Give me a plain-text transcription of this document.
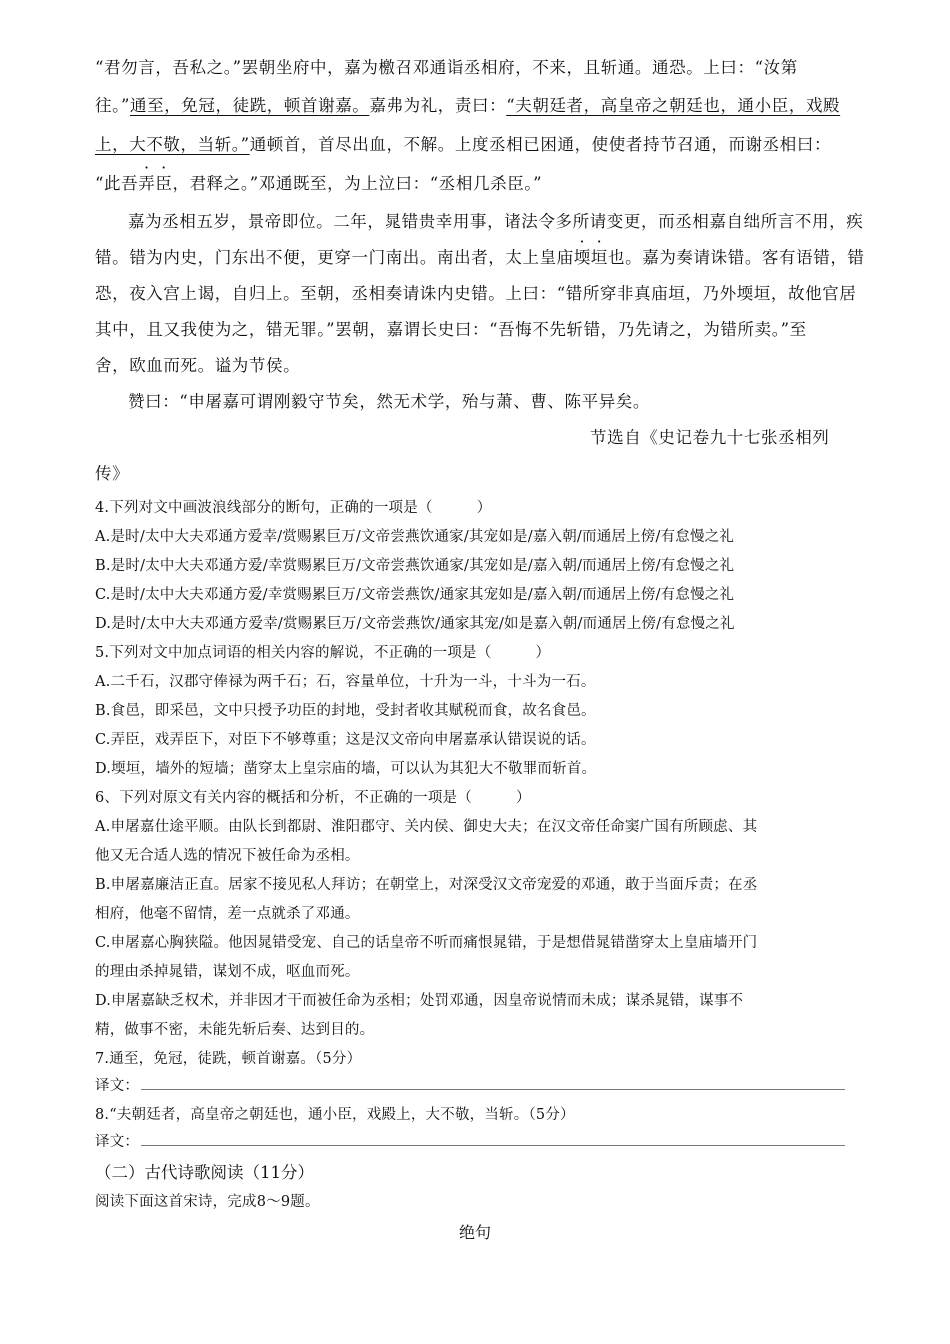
“君勿言，吾私之。”罢朝坐府中，嘉为檄召邓通诣丞相府，不来，且斩通。通恐。上曰：“汝第
往。”通至，免冠，徒跣，顿首谢嘉。嘉弗为礼，责曰：“夫朝廷者，高皇帝之朝廷也，通小臣，戏殿
上，大不敬，当斩。”通顿首，首尽出血，不解。上度丞相已困通，使使者持节召通，而谢丞相曰：
“此吾弄臣，君释之。”邓通既至，为上泣曰：“丞相几杀臣。”
嘉为丞相五岁，景帝即位。二年，晁错贵幸用事，诸法令多所请变更，而丞相嘉自绌所言不用，疾
错。错为内史，门东出不便，更穿一门南出。南出者，太上皇庙堧垣也。嘉为奏请诛错。客有语错，错
恐，夜入宫上谒，自归上。至朝，丞相奏请诛内史错。上曰：“错所穿非真庙垣，乃外堧垣，故他官居
其中，且又我使为之，错无罪。”罢朝，嘉谓长史曰：“吾悔不先斩错，乃先请之，为错所卖。”至
舍，欧血而死。谥为节侯。
赞曰：“申屠嘉可谓刚毅守节矣，然无术学，殆与萧、曹、陈平异矣。
节选自《史记卷九十七张丞相列
传》
4.下列对文中画波浪线部分的断句，正确的一项是（　　　）
A.是时/太中大夫邓通方爱幸/赏赐累巨万/文帝尝燕饮通家/其宠如是/嘉入朝/而通居上傍/有怠慢之礼
B.是时/太中大夫邓通方爱/幸赏赐累巨万/文帝尝燕饮通家/其宠如是/嘉入朝/而通居上傍/有怠慢之礼
C.是时/太中大夫邓通方爱/幸赏赐累巨万/文帝尝燕饮/通家其宠如是/嘉入朝/而通居上傍/有怠慢之礼
D.是时/太中大夫邓通方爱幸/赏赐累巨万/文帝尝燕饮/通家其宠/如是嘉入朝/而通居上傍/有怠慢之礼
5.下列对文中加点词语的相关内容的解说，不正确的一项是（　　　）
A.二千石，汉郡守俸禄为两千石；石，容量单位，十升为一斗，十斗为一石。
B.食邑，即采邑，文中只授予功臣的封地，受封者收其赋税而食，故名食邑。
C.弄臣，戏弄臣下，对臣下不够尊重；这是汉文帝向申屠嘉承认错误说的话。
D.堧垣，墙外的短墙；凿穿太上皇宗庙的墙，可以认为其犯大不敬罪而斩首。
6、下列对原文有关内容的概括和分析，不正确的一项是（　　　）
A.申屠嘉仕途平顺。由队长到都尉、淮阳郡守、关内侯、御史大夫；在汉文帝任命窦广国有所顾虑、其
他又无合适人选的情况下被任命为丞相。
B.申屠嘉廉洁正直。居家不接见私人拜访；在朝堂上，对深受汉文帝宠爱的邓通，敢于当面斥责；在丞
相府，他毫不留情，差一点就杀了邓通。
C.申屠嘉心胸狭隘。他因晁错受宠、自己的话皇帝不听而痛恨晁错，于是想借晁错凿穿太上皇庙墙开门
的理由杀掉晁错，谋划不成，呕血而死。
D.申屠嘉缺乏权术，并非因才干而被任命为丞相；处罚邓通，因皇帝说情而未成；谋杀晁错，谋事不
精，做事不密，未能先斩后奏、达到目的。
7.通至，免冠，徒跣，顿首谢嘉。（5分）
译文：
8.“夫朝廷者，高皇帝之朝廷也，通小臣，戏殿上，大不敬，当斩。（5分）
译文：
（二）古代诗歌阅读（11分）
阅读下面这首宋诗，完成8～9题。
绝句
